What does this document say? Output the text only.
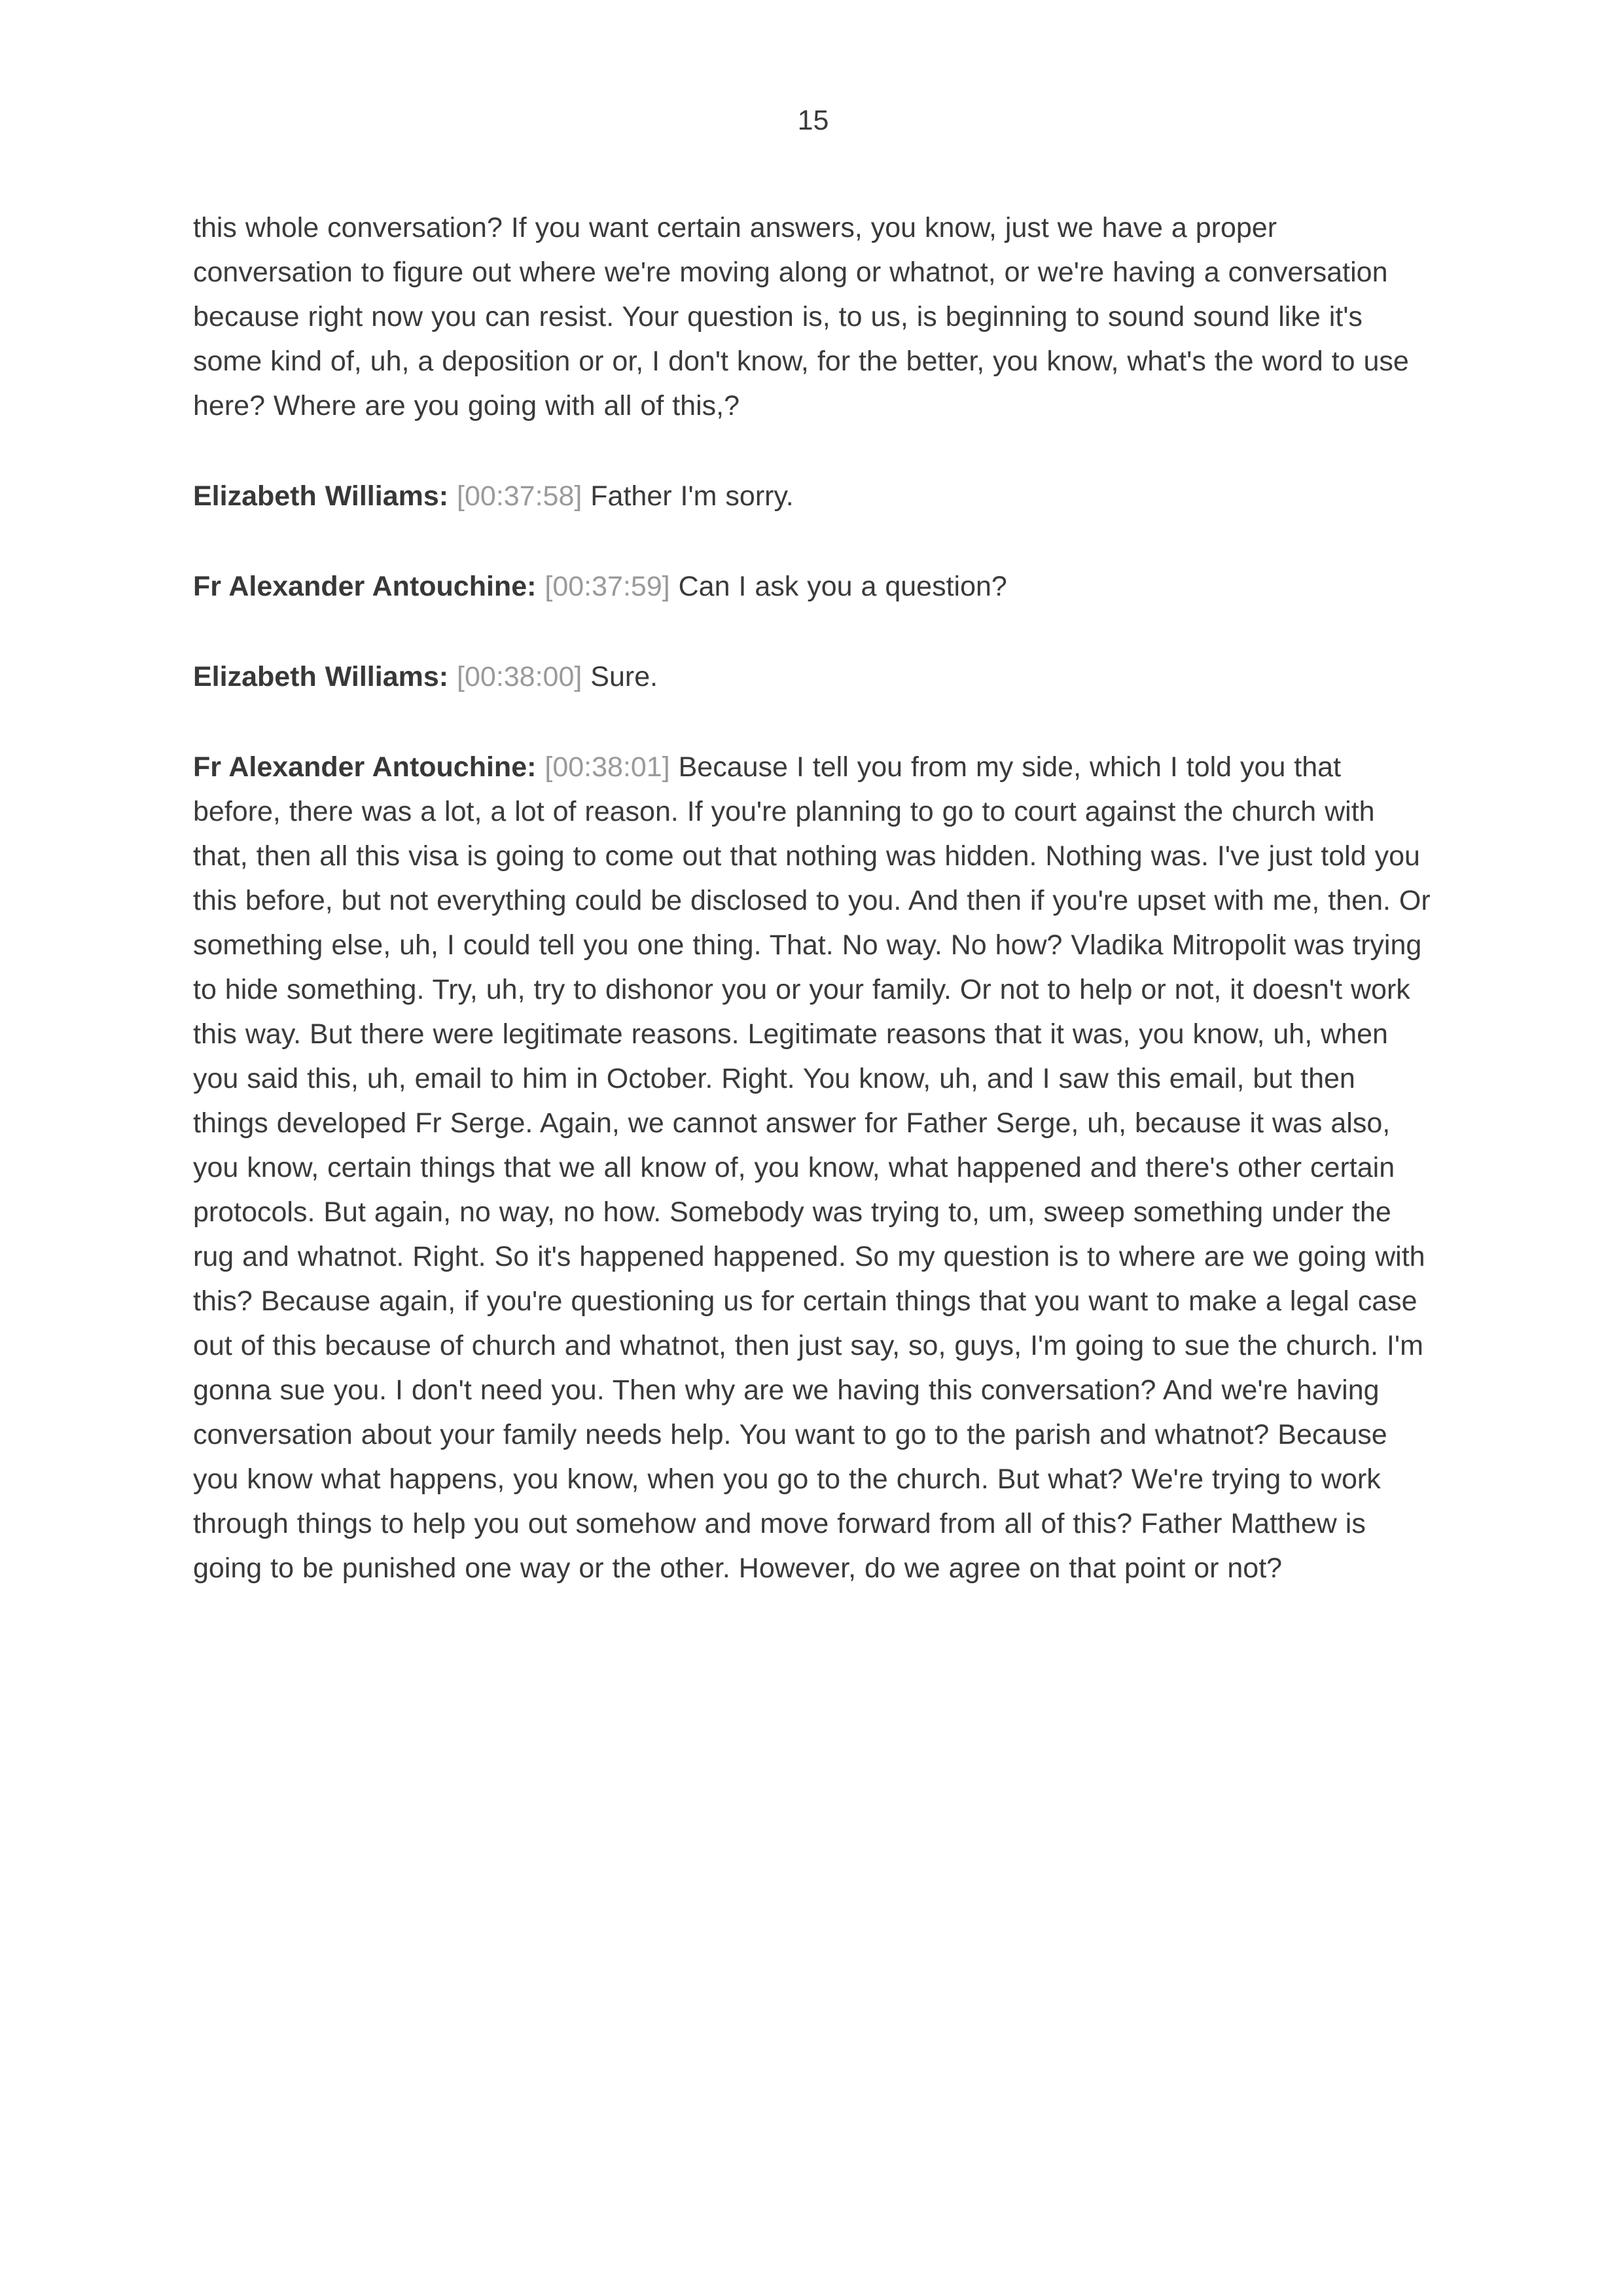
15

this whole conversation? If you want certain answers, you know, just we have a proper conversation to figure out where we're moving along or whatnot, or we're having a conversation because right now you can resist. Your question is, to us, is beginning to sound sound like it's some kind of, uh, a deposition or or, I don't know, for the better, you know, what's the word to use here? Where are you going with all of this,?

Elizabeth Williams: [00:37:58] Father I'm sorry.

Fr Alexander Antouchine: [00:37:59] Can I ask you a question?

Elizabeth Williams: [00:38:00] Sure.

Fr Alexander Antouchine: [00:38:01] Because I tell you from my side, which I told you that before, there was a lot, a lot of reason. If you're planning to go to court against the church with that, then all this visa is going to come out that nothing was hidden. Nothing was. I've just told you this before, but not everything could be disclosed to you. And then if you're upset with me, then. Or something else, uh, I could tell you one thing. That. No way. No how? Vladika Mitropolit was trying to hide something. Try, uh, try to dishonor you or your family. Or not to help or not, it doesn't work this way. But there were legitimate reasons. Legitimate reasons that it was, you know, uh, when you said this, uh, email to him in October. Right. You know, uh, and I saw this email, but then things developed Fr Serge. Again, we cannot answer for Father Serge, uh, because it was also, you know, certain things that we all know of, you know, what happened and there's other certain protocols. But again, no way, no how. Somebody was trying to, um, sweep something under the rug and whatnot. Right. So it's happened happened. So my question is to where are we going with this? Because again, if you're questioning us for certain things that you want to make a legal case out of this because of church and whatnot, then just say, so, guys, I'm going to sue the church. I'm gonna sue you. I don't need you. Then why are we having this conversation? And we're having conversation about your family needs help. You want to go to the parish and whatnot? Because you know what happens, you know, when you go to the church. But what? We're trying to work through things to help you out somehow and move forward from all of this? Father Matthew is going to be punished one way or the other. However, do we agree on that point or not?
